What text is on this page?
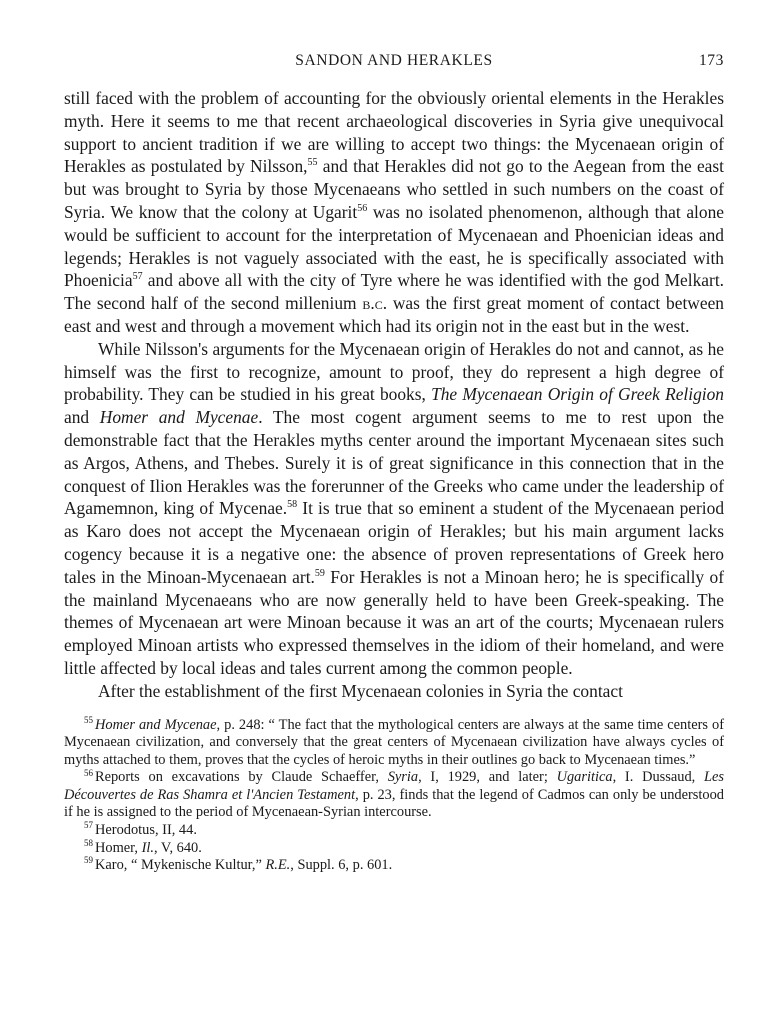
SANDON AND HERAKLES	173

still faced with the problem of accounting for the obviously oriental elements in the Herakles myth. Here it seems to me that recent archaeological discoveries in Syria give unequivocal support to ancient tradition if we are willing to accept two things: the Mycenaean origin of Herakles as postulated by Nilsson,$^{55}$ and that Herakles did not go to the Aegean from the east but was brought to Syria by those Mycenaeans who settled in such numbers on the coast of Syria. We know that the colony at Ugarit$^{56}$ was no isolated phenomenon, although that alone would be sufficient to account for the interpretation of Mycenaean and Phoenician ideas and legends; Herakles is not vaguely associated with the east, he is specifically associated with Phoenicia$^{57}$ and above all with the city of Tyre where he was identified with the god Melkart. The second half of the second millenium b.c. was the first great moment of contact between east and west and through a movement which had its origin not in the east but in the west.

While Nilsson's arguments for the Mycenaean origin of Herakles do not and cannot, as he himself was the first to recognize, amount to proof, they do represent a high degree of probability. They can be studied in his great books, The Mycenaean Origin of Greek Religion and Homer and Mycenae. The most cogent argument seems to me to rest upon the demonstrable fact that the Herakles myths center around the important Mycenaean sites such as Argos, Athens, and Thebes. Surely it is of great significance in this connection that in the conquest of Ilion Herakles was the forerunner of the Greeks who came under the leadership of Agamemnon, king of Mycenae.$^{58}$ It is true that so eminent a student of the Mycenaean period as Karo does not accept the Mycenaean origin of Herakles; but his main argument lacks cogency because it is a negative one: the absence of proven representations of Greek hero tales in the Minoan-Mycenaean art.$^{59}$ For Herakles is not a Minoan hero; he is specifically of the mainland Mycenaeans who are now generally held to have been Greek-speaking. The themes of Mycenaean art were Minoan because it was an art of the courts; Mycenaean rulers employed Minoan artists who expressed themselves in the idiom of their homeland, and were little affected by local ideas and tales current among the common people.

After the establishment of the first Mycenaean colonies in Syria the contact

$^{55}$ Homer and Mycenae, p. 248: “ The fact that the mythological centers are always at the same time centers of Mycenaean civilization, and conversely that the great centers of Mycenaean civilization have always cycles of myths attached to them, proves that the cycles of heroic myths in their outlines go back to Mycenaean times.”

$^{56}$ Reports on excavations by Claude Schaeffer, Syria, I, 1929, and later; Ugaritica, I. Dussaud, Les Découvertes de Ras Shamra et l'Ancien Testament, p. 23, finds that the legend of Cadmos can only be understood if he is assigned to the period of Mycenaean-Syrian intercourse.

$^{57}$ Herodotus, II, 44.

$^{58}$ Homer, Il., V, 640.

$^{59}$ Karo, “ Mykenische Kultur,” R.E., Suppl. 6, p. 601.
